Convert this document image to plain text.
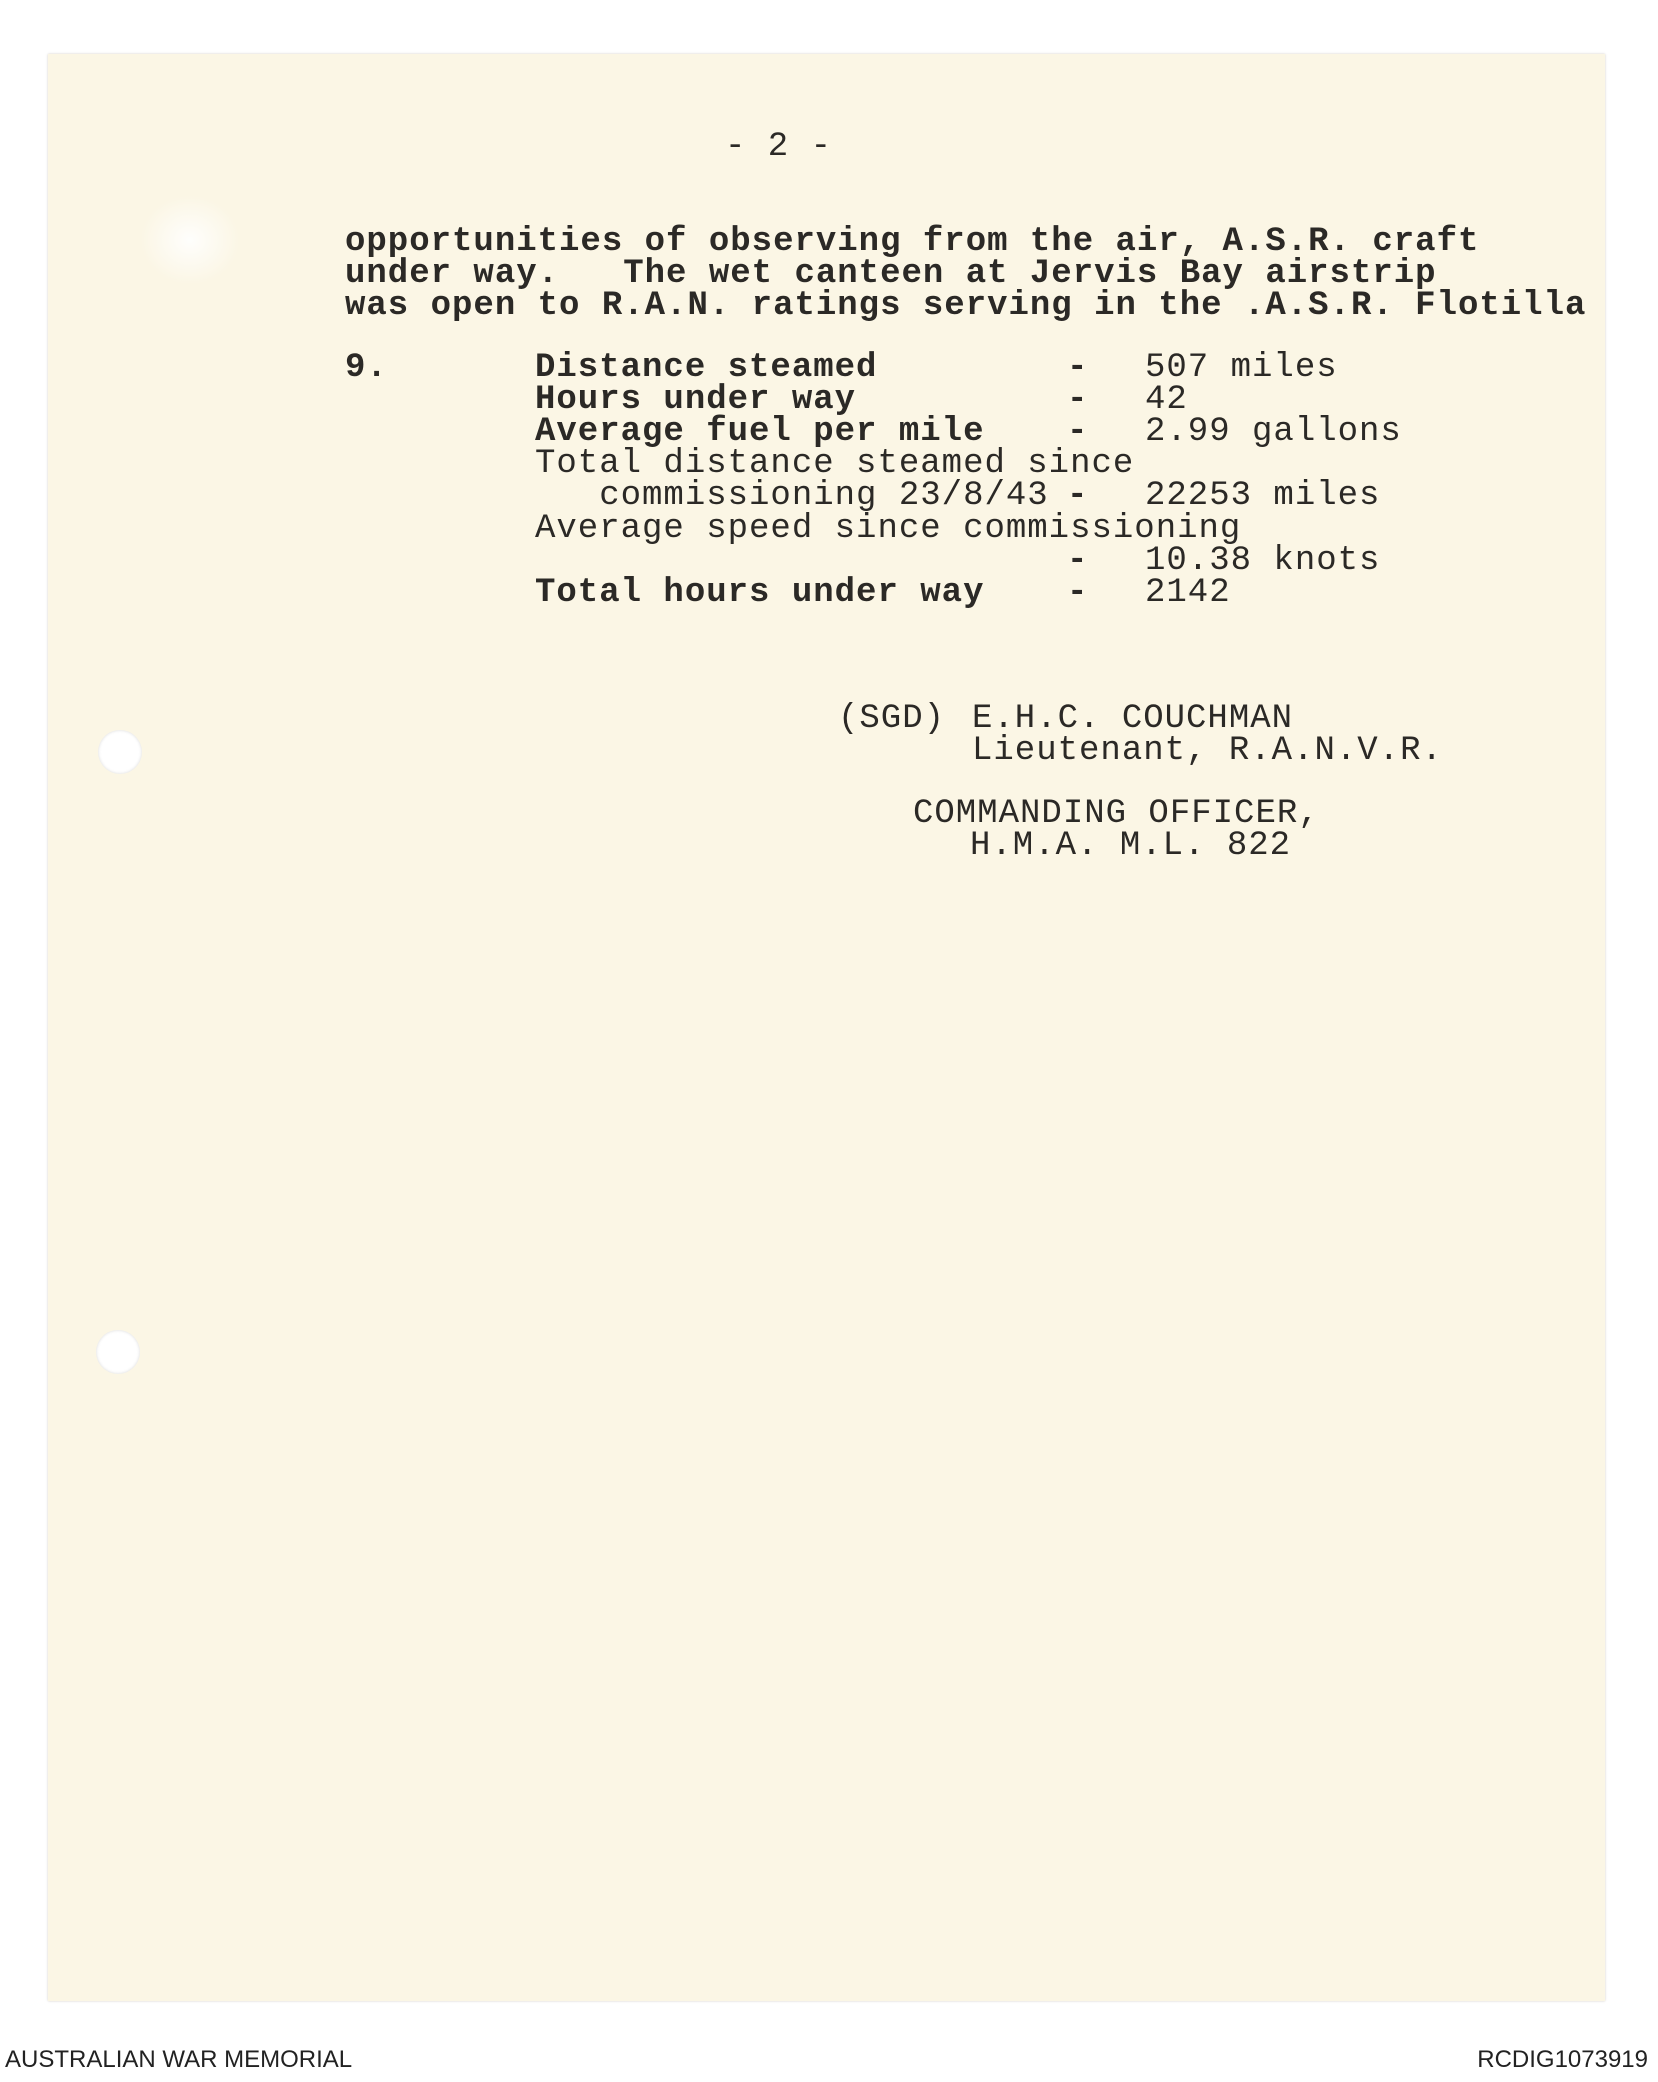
- 2 -
opportunities of observing from the air, A.S.R. craft
under way.   The wet canteen at Jervis Bay airstrip
was open to R.A.N. ratings serving in the .A.S.R. Flotilla
9.	Distance steamed	- 507 miles
Hours under way	- 42
Average fuel per mile - 2.99 gallons
Total distance steamed since
commissioning 23/8/43 - 22253 miles
Average speed since commissioning
- 10.38 knots
Total hours under way - 2142
(SGD) E.H.C. COUCHMAN
Lieutenant, R.A.N.V.R.
COMMANDING OFFICER,
H.M.A. M.L. 822
AUSTRALIAN WAR MEMORIAL	RCDIG1073919
